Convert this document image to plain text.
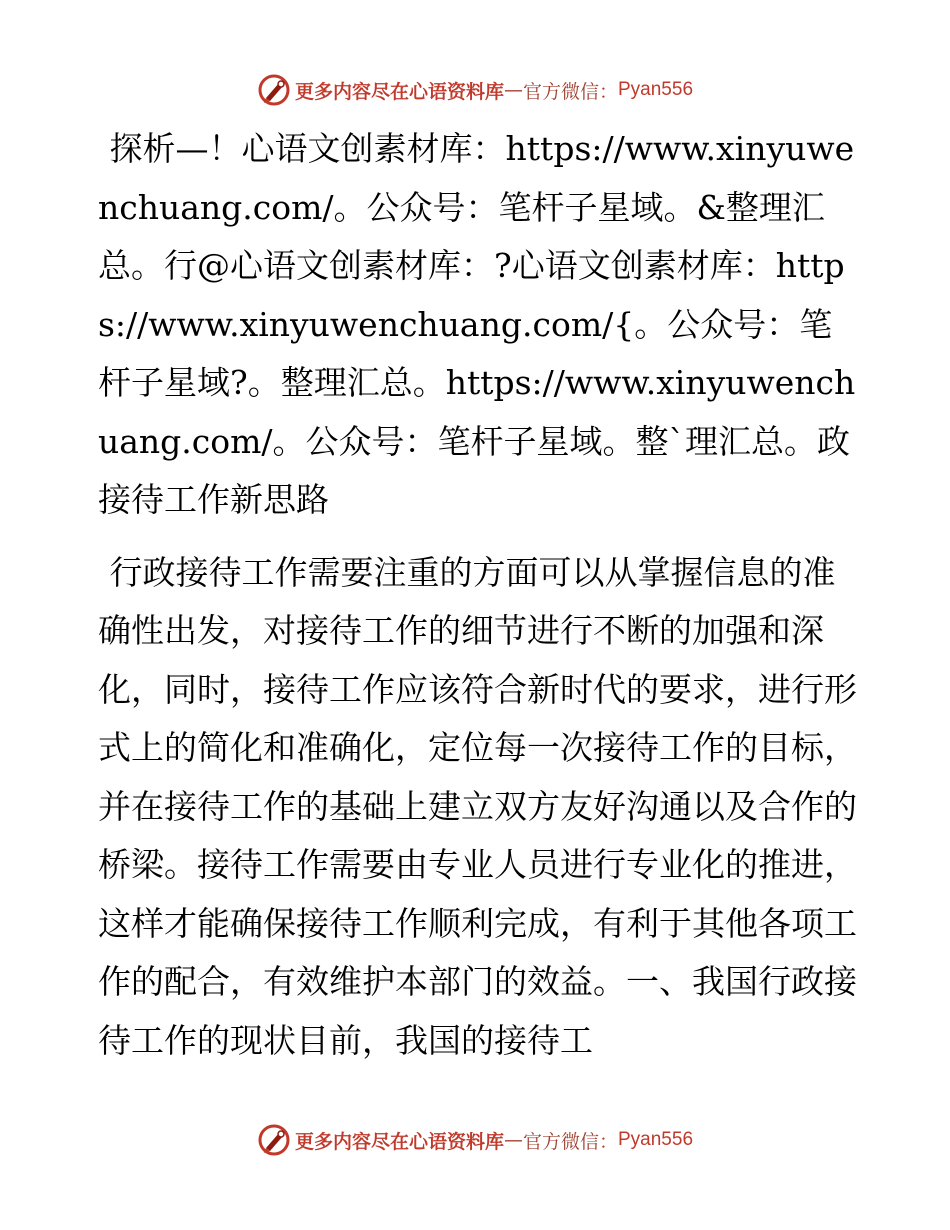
更多内容尽在心语资料库 — 官方微信： Pyan556

探析—！心语文创素材库：https://www.xinyuwenchuang.com/。公众号：笔杆子星域。&整理汇总。行@心语文创素材库：?心语文创素材库：https://www.xinyuwenchuang.com/{。公众号：笔杆子星域?。整理汇总。https://www.xinyuwenchuang.com/。公众号：笔杆子星域。整`理汇总。政接待工作新思路

行政接待工作需要注重的方面可以从掌握信息的准确性出发，对接待工作的细节进行不断的加强和深化，同时，接待工作应该符合新时代的要求，进行形式上的简化和准确化，定位每一次接待工作的目标，并在接待工作的基础上建立双方友好沟通以及合作的桥梁。接待工作需要由专业人员进行专业化的推进，这样才能确保接待工作顺利完成，有利于其他各项工作的配合，有效维护本部门的效益。一、我国行政接待工作的现状目前，我国的接待工

更多内容尽在心语资料库 — 官方微信： Pyan556
